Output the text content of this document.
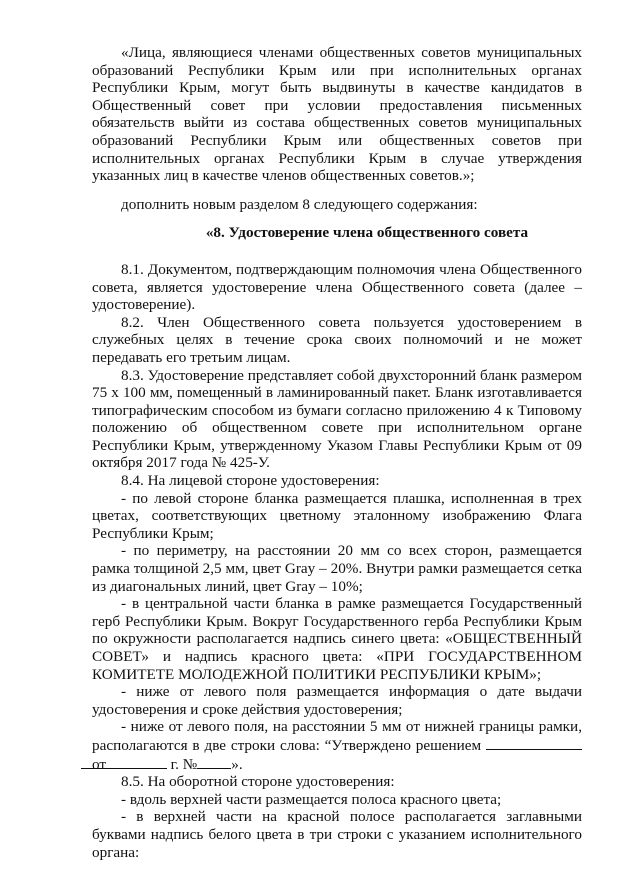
«Лица, являющиеся членами общественных советов муниципальных образований Республики Крым или при исполнительных органах Республики Крым, могут быть выдвинуты в качестве кандидатов в Общественный совет при условии предоставления письменных обязательств выйти из состава общественных советов муниципальных образований Республики Крым или общественных советов при исполнительных органах Республики Крым в случае утверждения указанных лиц в качестве членов общественных советов.»;

дополнить новым разделом 8 следующего содержания:

«8. Удостоверение члена общественного совета

8.1. Документом, подтверждающим полномочия члена Общественного совета, является удостоверение члена Общественного совета (далее – удостоверение).

8.2. Член Общественного совета пользуется удостоверением в служебных целях в течение срока своих полномочий и не может передавать его третьим лицам.

8.3. Удостоверение представляет собой двухсторонний бланк размером 75 x 100 мм, помещенный в ламинированный пакет. Бланк изготавливается типографическим способом из бумаги согласно приложению 4 к Типовому положению об общественном совете при исполнительном органе Республики Крым, утвержденному Указом Главы Республики Крым от 09 октября 2017 года № 425-У.

8.4. На лицевой стороне удостоверения:

- по левой стороне бланка размещается плашка, исполненная в трех цветах, соответствующих цветному эталонному изображению Флага Республики Крым;

- по периметру, на расстоянии 20 мм со всех сторон, размещается рамка толщиной 2,5 мм, цвет Gray – 20%. Внутри рамки размещается сетка из диагональных линий, цвет Gray – 10%;

- в центральной части бланка в рамке размещается Государственный герб Республики Крым. Вокруг Государственного герба Республики Крым по окружности располагается надпись синего цвета: «ОБЩЕСТВЕННЫЙ СОВЕТ» и надпись красного цвета: «ПРИ ГОСУДАРСТВЕННОМ КОМИТЕТЕ МОЛОДЕЖНОЙ ПОЛИТИКИ РЕСПУБЛИКИ КРЫМ»;

- ниже от левого поля размещается информация о дате выдачи удостоверения и сроке действия удостоверения;

- ниже от левого поля, на расстоянии 5 мм от нижней границы рамки, располагаются в две строки слова: “Утверждено решением  от	г. № ».

8.5. На оборотной стороне удостоверения:

- вдоль верхней части размещается полоса красного цвета;

- в верхней части на красной полосе располагается заглавными буквами надпись белого цвета в три строки с указанием исполнительного органа:
